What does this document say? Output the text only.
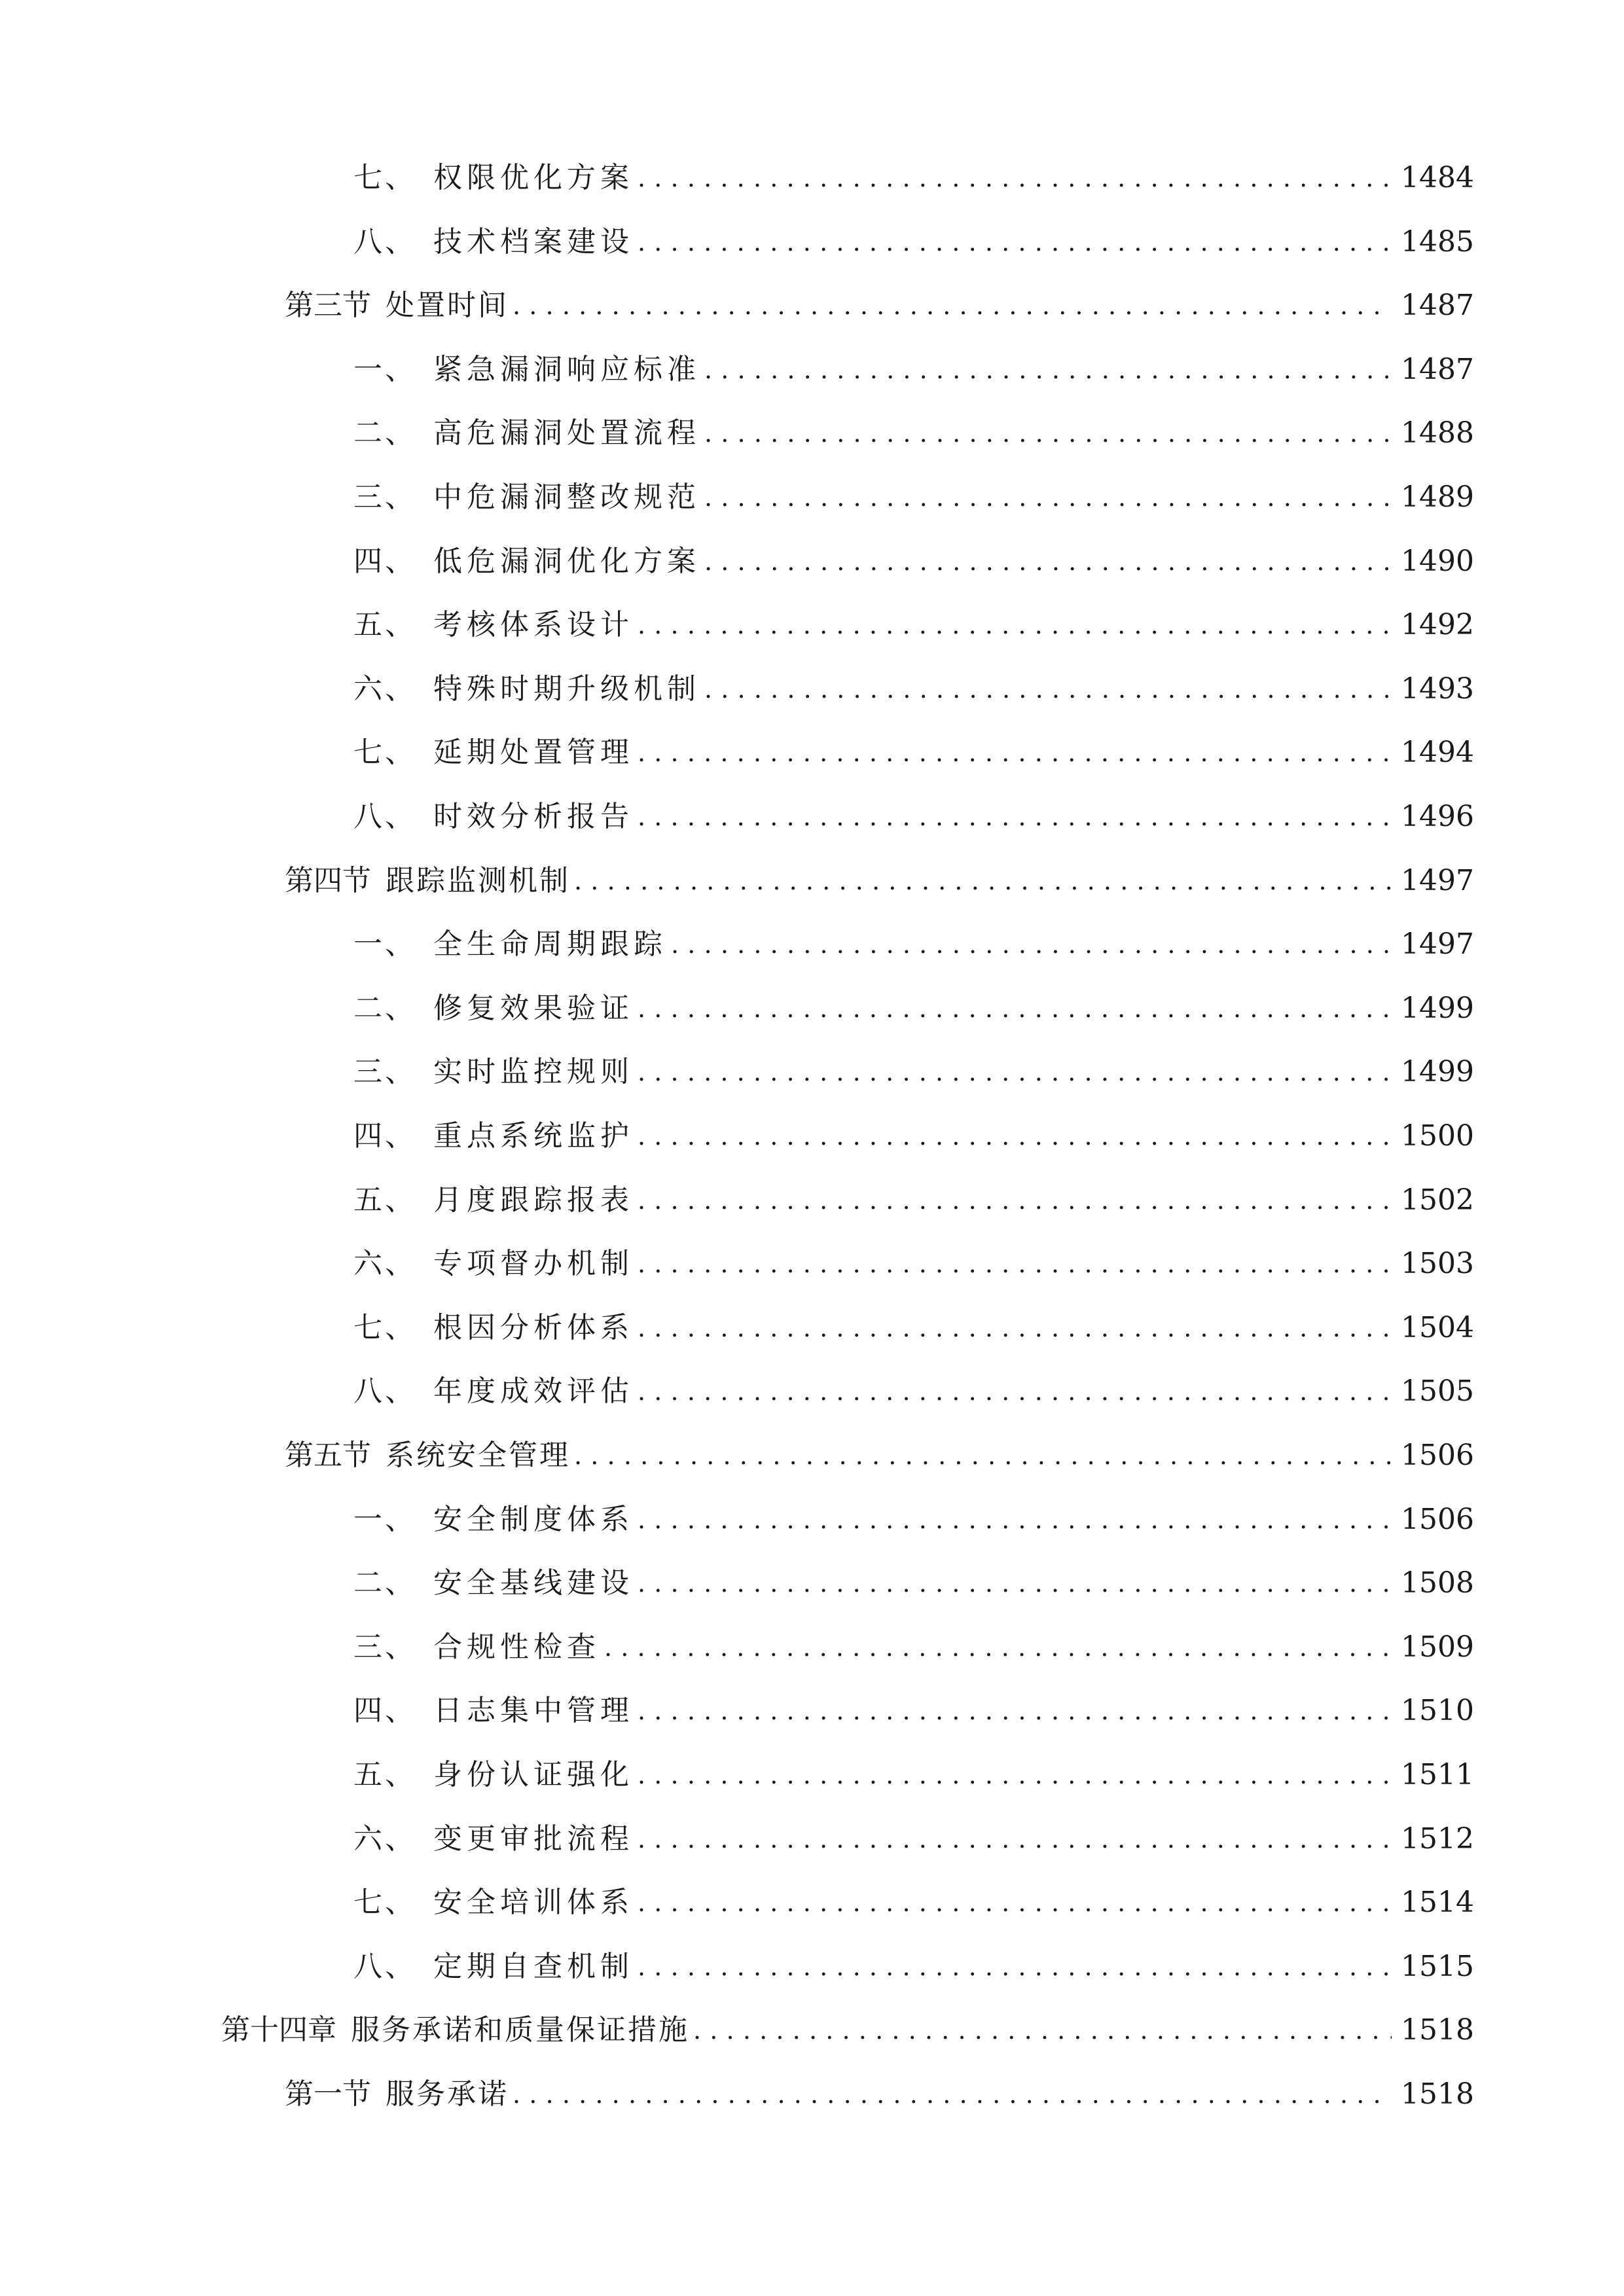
七、 权限优化方案 .....	1484
八、 技术档案建设 .....	1485
第三节 处置时间 .....	1487
一、 紧急漏洞响应标准 .....	1487
二、 高危漏洞处置流程 .....	1488
三、 中危漏洞整改规范 .....	1489
四、 低危漏洞优化方案 .....	1490
五、 考核体系设计 .....	1492
六、 特殊时期升级机制 .....	1493
七、 延期处置管理 .....	1494
八、 时效分析报告 .....	1496
第四节 跟踪监测机制 .....	1497
一、 全生命周期跟踪 .....	1497
二、 修复效果验证 .....	1499
三、 实时监控规则 .....	1499
四、 重点系统监护 .....	1500
五、 月度跟踪报表 .....	1502
六、 专项督办机制 .....	1503
七、 根因分析体系 .....	1504
八、 年度成效评估 .....	1505
第五节 系统安全管理 .....	1506
一、 安全制度体系 .....	1506
二、 安全基线建设 .....	1508
三、 合规性检查 .....	1509
四、 日志集中管理 .....	1510
五、 身份认证强化 .....	1511
六、 变更审批流程 .....	1512
七、 安全培训体系 .....	1514
八、 定期自查机制 .....	1515
第十四章 服务承诺和质量保证措施 .....	1518
第一节 服务承诺 .....	1518
